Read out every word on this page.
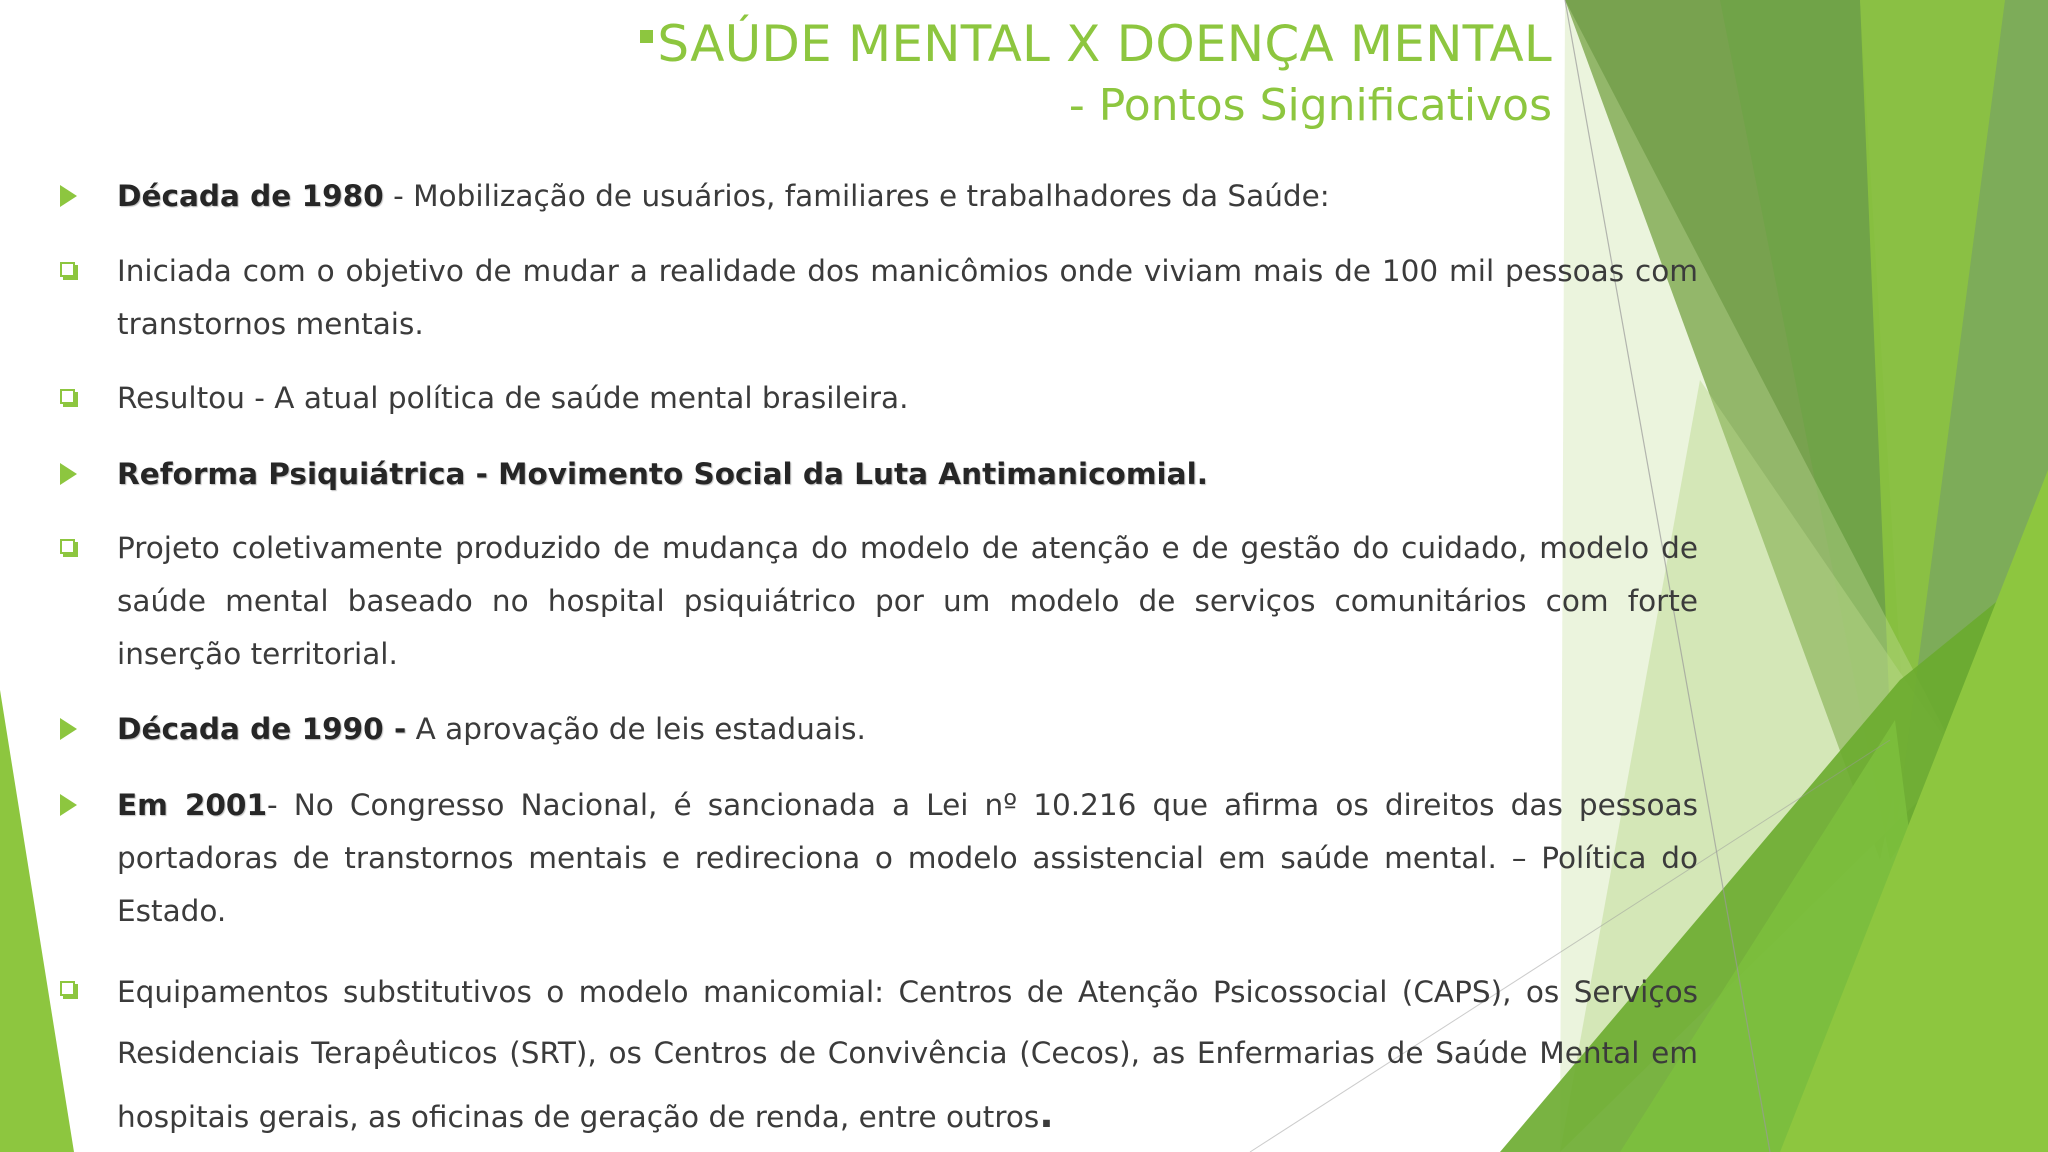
SAÚDE MENTAL X DOENÇA MENTAL
- Pontos Significativos

Década de 1980 - Mobilização de usuários, familiares e trabalhadores da Saúde:

Iniciada com o objetivo de mudar a realidade dos manicômios onde viviam mais de 100 mil pessoas com transtornos mentais.

Resultou - A atual política de saúde mental brasileira.

Reforma Psiquiátrica - Movimento Social da Luta Antimanicomial.

Projeto coletivamente produzido de mudança do modelo de atenção e de gestão do cuidado, modelo de saúde mental baseado no hospital psiquiátrico por um modelo de serviços comunitários com forte inserção territorial.

Década de 1990 - A aprovação de leis estaduais.

Em 2001- No Congresso Nacional, é sancionada a Lei nº 10.216 que afirma os direitos das pessoas portadoras de transtornos mentais e redireciona o modelo assistencial em saúde mental. – Política do Estado.

Equipamentos substitutivos o modelo manicomial: Centros de Atenção Psicossocial (CAPS), os Serviços Residenciais Terapêuticos (SRT), os Centros de Convivência (Cecos), as Enfermarias de Saúde Mental em hospitais gerais, as oficinas de geração de renda, entre outros.
